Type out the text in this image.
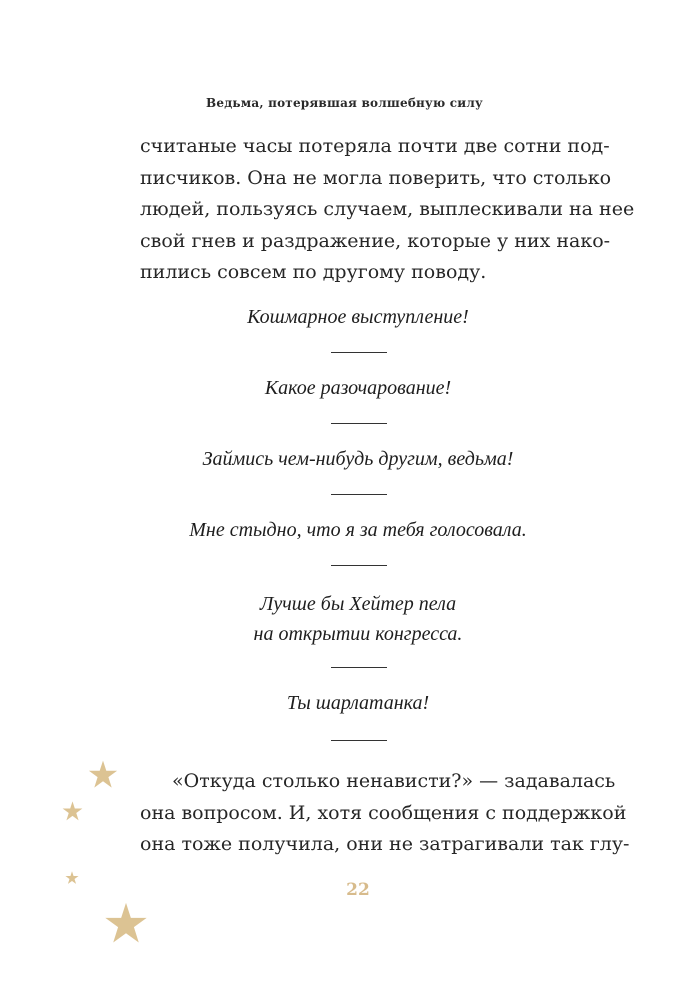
Ведьма, потерявшая волшебную силу
считаные часы потеряла почти две сотни под-
писчиков. Она не могла поверить, что столько
людей, пользуясь случаем, выплескивали на нее
свой гнев и раздражение, которые у них нако-
пились совсем по другому поводу.
Кошмарное выступление!
Какое разочарование!
Займись чем-нибудь другим, ведьма!
Мне стыдно, что я за тебя голосовала.
Лучше бы Хейтер пела
на открытии конгресса.
Ты шарлатанка!
«Откуда столько ненависти?» — задавалась
она вопросом. И, хотя сообщения с поддержкой
она тоже получила, они не затрагивали так глу-
22
